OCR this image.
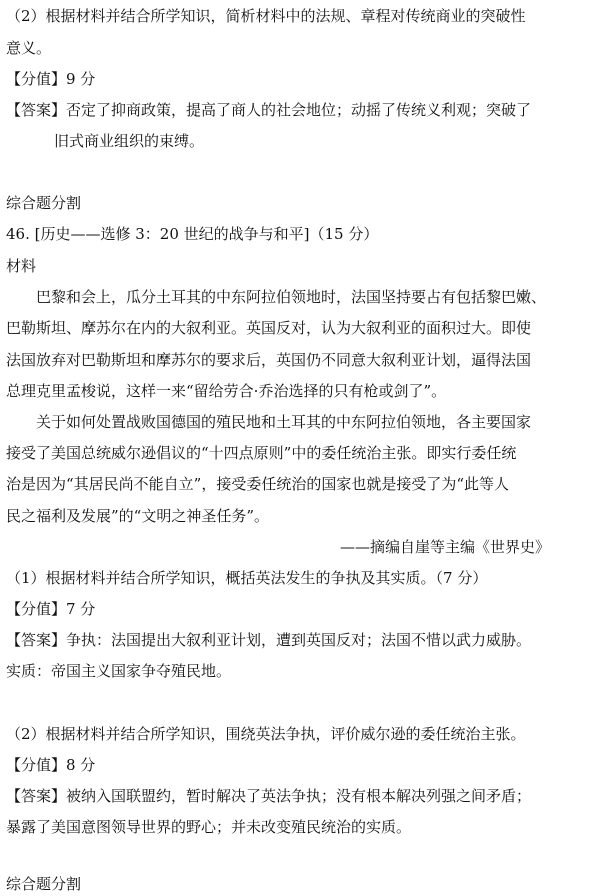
（2）根据材料并结合所学知识，简析材料中的法规、章程对传统商业的突破性
意义。
【分值】9 分
【答案】否定了抑商政策，提高了商人的社会地位；动摇了传统义利观；突破了
旧式商业组织的束缚。
综合题分割
46. [历史——选修 3：20 世纪的战争与和平]（15 分）
材料
巴黎和会上，瓜分土耳其的中东阿拉伯领地时，法国坚持要占有包括黎巴嫩、
巴勒斯坦、摩苏尔在内的大叙利亚。英国反对，认为大叙利亚的面积过大。即使
法国放弃对巴勒斯坦和摩苏尔的要求后，英国仍不同意大叙利亚计划，逼得法国
总理克里孟梭说，这样一来“留给劳合·乔治选择的只有枪或剑了”。
关于如何处置战败国德国的殖民地和土耳其的中东阿拉伯领地，各主要国家
接受了美国总统威尔逊倡议的“十四点原则”中的委任统治主张。即实行委任统
治是因为“其居民尚不能自立”，接受委任统治的国家也就是接受了为“此等人
民之福利及发展”的“文明之神圣任务”。
——摘编自崖等主编《世界史》
（1）根据材料并结合所学知识，概括英法发生的争执及其实质。（7 分）
【分值】7 分
【答案】争执：法国提出大叙利亚计划，遭到英国反对；法国不惜以武力威胁。
实质：帝国主义国家争夺殖民地。
（2）根据材料并结合所学知识，围绕英法争执，评价威尔逊的委任统治主张。
【分值】8 分
【答案】被纳入国联盟约，暂时解决了英法争执；没有根本解决列强之间矛盾；
暴露了美国意图领导世界的野心；并未改变殖民统治的实质。
综合题分割
